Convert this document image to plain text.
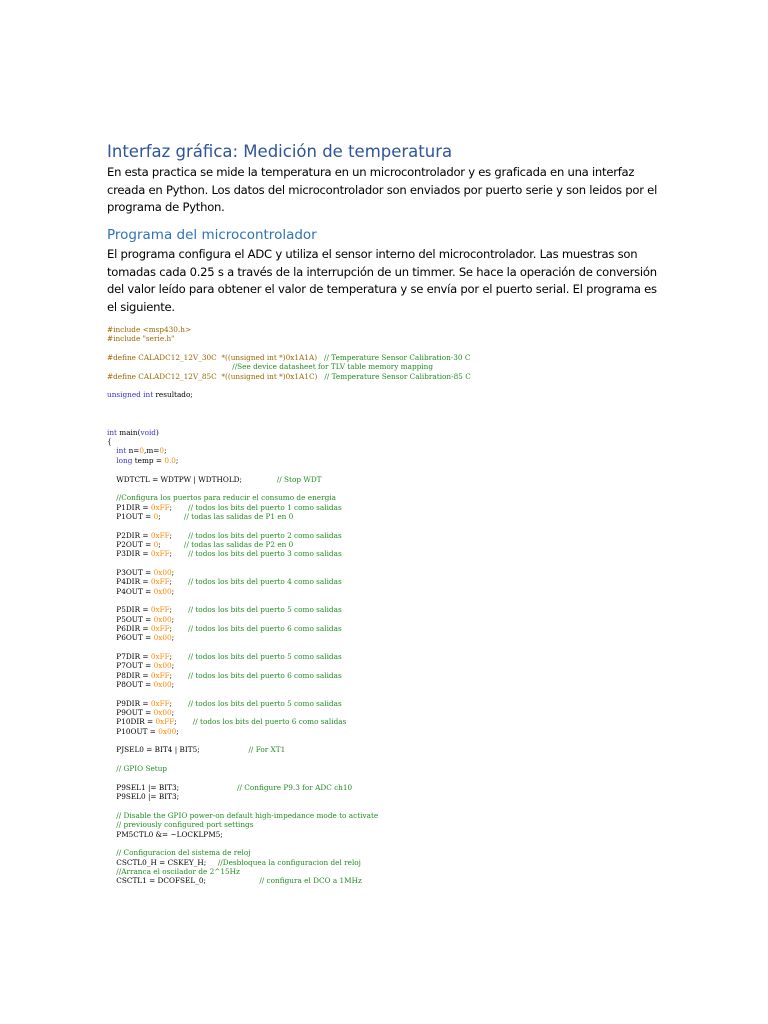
Interfaz gráfica: Medición de temperatura
En esta practica se mide la temperatura en un microcontrolador y es graficada en una interfaz creada en Python. Los datos del microcontrolador son enviados por puerto serie y son leidos por el programa de Python.
Programa del microcontrolador
El programa configura el ADC y utiliza el sensor interno del microcontrolador. Las muestras son tomadas cada 0.25 s a través de la interrupción de un timmer. Se hace la operación de conversión del valor leído para obtener el valor de temperatura y se envía por el puerto serial. El programa es el siguiente.
#include <msp430.h>
#include "serie.h"
#define CALADC12_12V_30C  *((unsigned int *)0x1A1A) // Temperature Sensor Calibration-30 C
//See device datasheet for TLV table memory mapping
#define CALADC12_12V_85C  *((unsigned int *)0x1A1C) // Temperature Sensor Calibration-85 C
unsigned int resultado;
int main(void)
{
int n=0,m=0;
long temp = 0.0;
WDTCTL = WDTPW | WDTHOLD;               // Stop WDT
//Configura los puertos para reducir el consumo de energia
P1DIR = 0xFF;       // todos los bits del puerto 1 como salidas
P1OUT = 0;          // todas las salidas de P1 en 0
P2DIR = 0xFF;       // todos los bits del puerto 2 como salidas
P2OUT = 0;          // todas las salidas de P2 en 0
P3DIR = 0xFF;       // todos los bits del puerto 3 como salidas
P3OUT = 0x00;
P4DIR = 0xFF;       // todos los bits del puerto 4 como salidas
P4OUT = 0x00;
P5DIR = 0xFF;       // todos los bits del puerto 5 como salidas
P5OUT = 0x00;
P6DIR = 0xFF;       // todos los bits del puerto 6 como salidas
P6OUT = 0x00;
P7DIR = 0xFF;       // todos los bits del puerto 5 como salidas
P7OUT = 0x00;
P8DIR = 0xFF;       // todos los bits del puerto 6 como salidas
P8OUT = 0x00;
P9DIR = 0xFF;       // todos los bits del puerto 5 como salidas
P9OUT = 0x00;
P10DIR = 0xFF;       // todos los bits del puerto 6 como salidas
P10OUT = 0x00;
PJSEL0 = BIT4 | BIT5;                     // For XT1
// GPIO Setup
P9SEL1 |= BIT3;                         // Configure P9.3 for ADC ch10
P9SEL0 |= BIT3;
// Disable the GPIO power-on default high-impedance mode to activate
// previously configured port settings
PM5CTL0 &= ~LOCKLPM5;
// Configuracion del sistema de reloj
CSCTL0_H = CSKEY_H;     //Desbloquea la configuracion del reloj
//Arranca el oscilador de 2^15Hz
CSCTL1 = DCOFSEL_0;                       // configura el DCO a 1MHz
